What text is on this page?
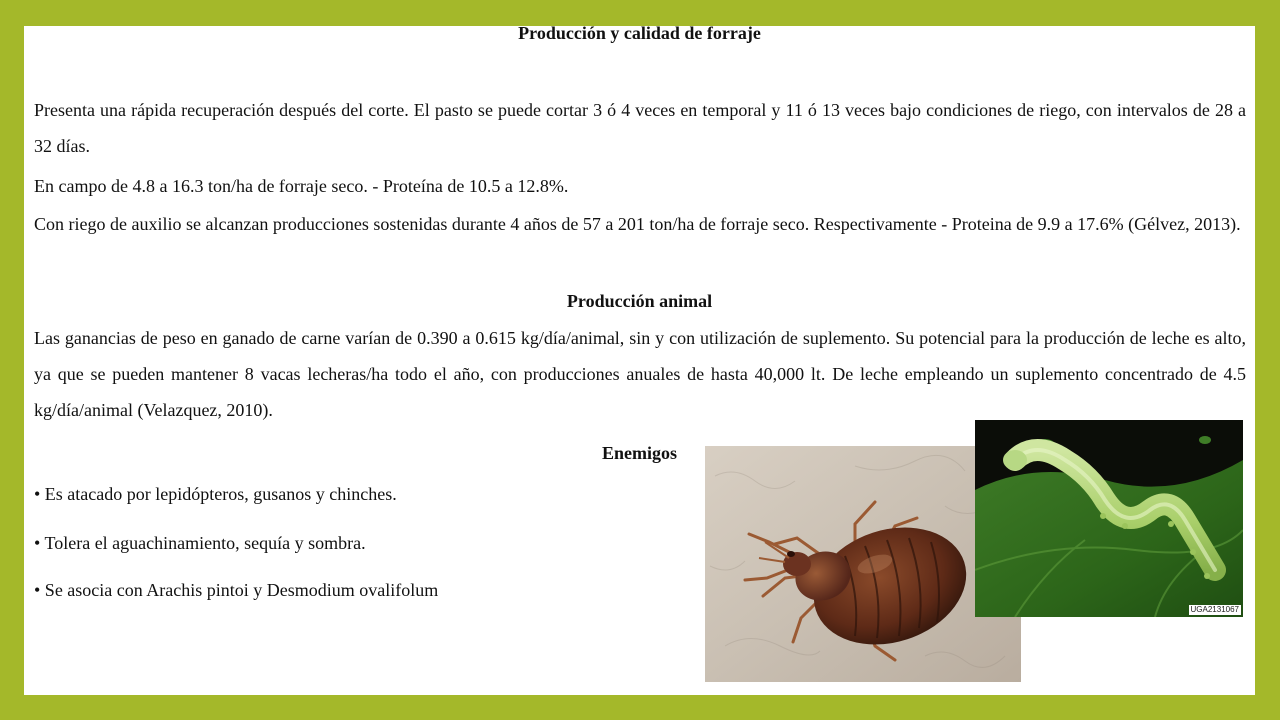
Producción y calidad de forraje

Presenta una rápida recuperación después del corte. El pasto se puede cortar 3 ó 4 veces en temporal y 11 ó 13 veces bajo condiciones de riego, con intervalos de 28 a 32 días.

En campo de 4.8 a 16.3 ton/ha de forraje seco. - Proteína de 10.5 a 12.8%.

Con riego de auxilio se alcanzan producciones sostenidas durante 4 años de 57 a 201 ton/ha de forraje seco. Respectivamente - Proteina de 9.9 a 17.6% (Gélvez, 2013).

Producción animal

Las ganancias de peso en ganado de carne varían de 0.390 a 0.615 kg/día/animal, sin y con utilización de suplemento. Su potencial para la producción de leche es alto, ya que se pueden mantener 8 vacas lecheras/ha todo el año, con producciones anuales de hasta 40,000 lt. De leche empleando un suplemento concentrado de 4.5 kg/día/animal (Velazquez, 2010).

Enemigos

• Es atacado por lepidópteros, gusanos y chinches.

• Tolera el aguachinamiento, sequía y sombra.

• Se asocia con Arachis pintoi y Desmodium ovalifolum

UGA2131067
